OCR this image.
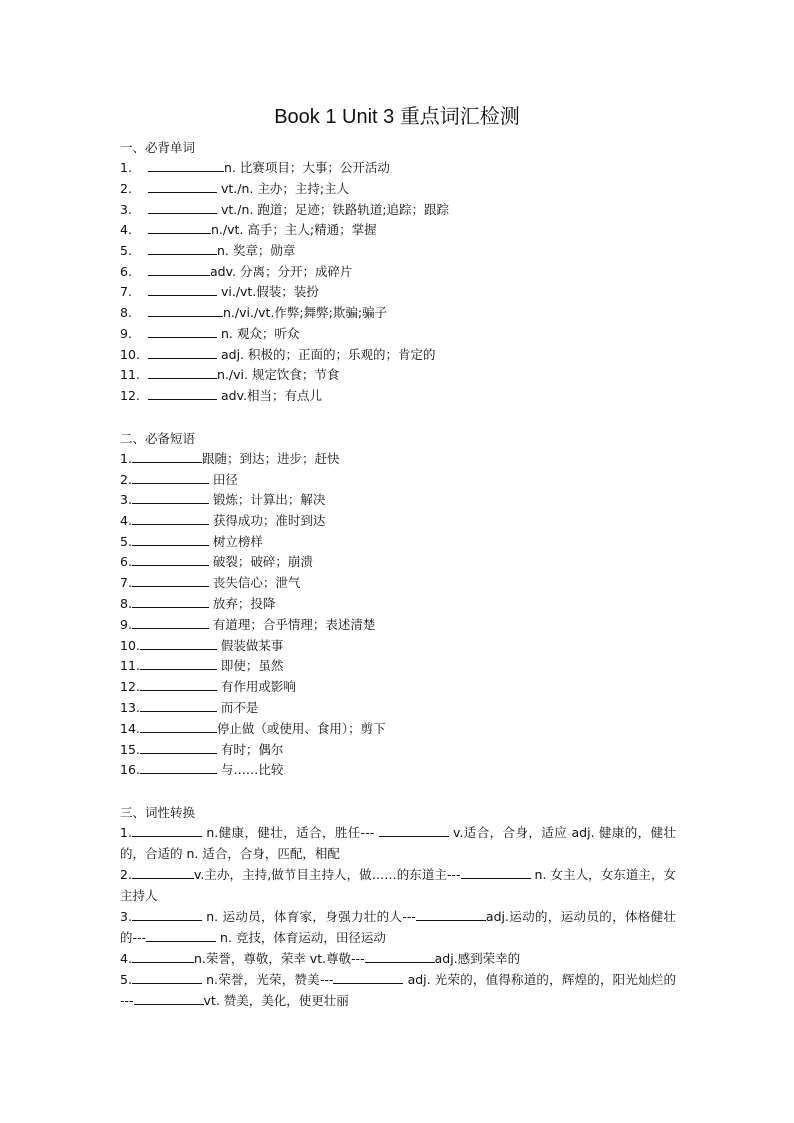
Book 1 Unit 3 重点词汇检测
一、必背单词
1.	n. 比赛项目；大事；公开活动
2.	vt./n. 主办；主持;主人
3.	vt./n. 跑道；足迹；铁路轨道;追踪；跟踪
4.	n./vt. 高手；主人;精通；掌握
5.	n. 奖章；勋章
6.	adv. 分离；分开；成碎片
7.	vi./vt.假装；装扮
8.	n./vi./vt.作弊;舞弊;欺骗;骗子
9.	n. 观众；听众
10.	adj. 积极的；正面的；乐观的；肯定的
11.	n./vi. 规定饮食；节食
12.	adv.相当；有点儿
二、必备短语
1.	跟随；到达；进步；赶快
2.	田径
3.	锻炼；计算出；解决
4.	获得成功；准时到达
5.	树立榜样
6.	破裂；破碎；崩溃
7.	丧失信心；泄气
8.	放弃；投降
9.	有道理；合乎情理；表述清楚
10.	假装做某事
11.	即使；虽然
12.	有作用或影响
13.	而不是
14.	停止做（或使用、食用）；剪下
15.	有时；偶尔
16.	与……比较
三、词性转换
1.	n.健康，健壮，适合，胜任---	v.适合，合身，适应 adj. 健康的，健壮的，合适的 n. 适合，合身，匹配，相配
2.	v.主办，主持,做节目主持人，做……的东道主---	n. 女主人，女东道主，女主持人
3.	n. 运动员，体育家，身强力壮的人---	adj.运动的，运动员的，体格健壮的---	n. 竞技，体育运动，田径运动
4.	n.荣誉，尊敬，荣幸 vt.尊敬---	adj.感到荣幸的
5.	n.荣誉，光荣，赞美---	adj. 光荣的，值得称道的，辉煌的，阳光灿烂的 ---	vt. 赞美，美化，使更壮丽
